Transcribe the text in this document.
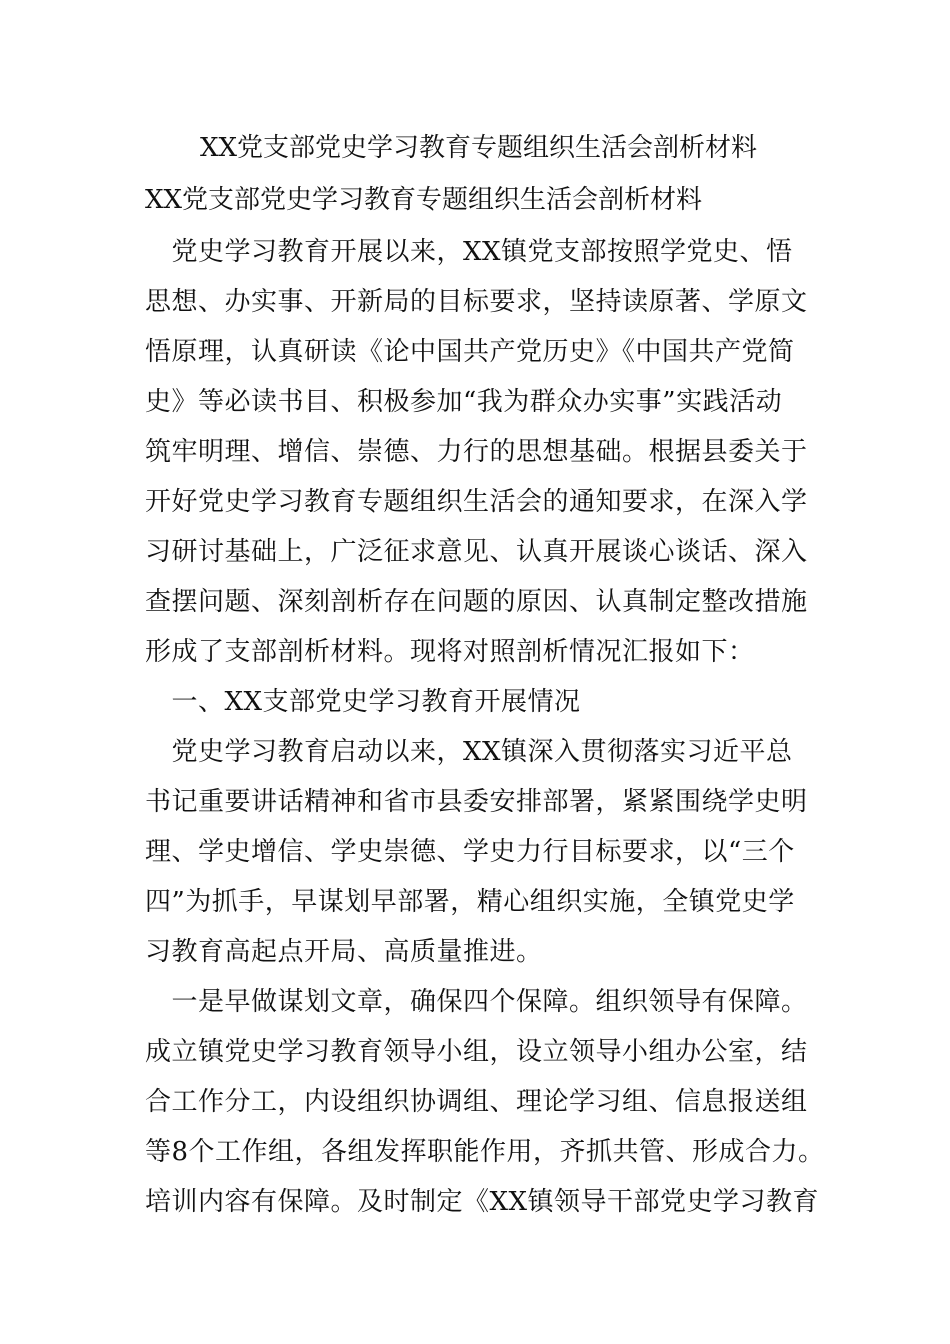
XX党支部党史学习教育专题组织生活会剖析材料
XX党支部党史学习教育专题组织生活会剖析材料
　党史学习教育开展以来，XX镇党支部按照学党史、悟
思想、办实事、开新局的目标要求，坚持读原著、学原文
悟原理，认真研读《论中国共产党历史》《中国共产党简
史》等必读书目、积极参加“我为群众办实事”实践活动
筑牢明理、增信、崇德、力行的思想基础。根据县委关于
开好党史学习教育专题组织生活会的通知要求，在深入学
习研讨基础上，广泛征求意见、认真开展谈心谈话、深入
查摆问题、深刻剖析存在问题的原因、认真制定整改措施
形成了支部剖析材料。现将对照剖析情况汇报如下：
　一、XX支部党史学习教育开展情况
　党史学习教育启动以来，XX镇深入贯彻落实习近平总
书记重要讲话精神和省市县委安排部署，紧紧围绕学史明
理、学史增信、学史崇德、学史力行目标要求，以“三个
四”为抓手，早谋划早部署，精心组织实施，全镇党史学
习教育高起点开局、高质量推进。
　一是早做谋划文章，确保四个保障。组织领导有保障。
成立镇党史学习教育领导小组，设立领导小组办公室，结
合工作分工，内设组织协调组、理论学习组、信息报送组
等8个工作组，各组发挥职能作用，齐抓共管、形成合力。
培训内容有保障。及时制定《XX镇领导干部党史学习教育
